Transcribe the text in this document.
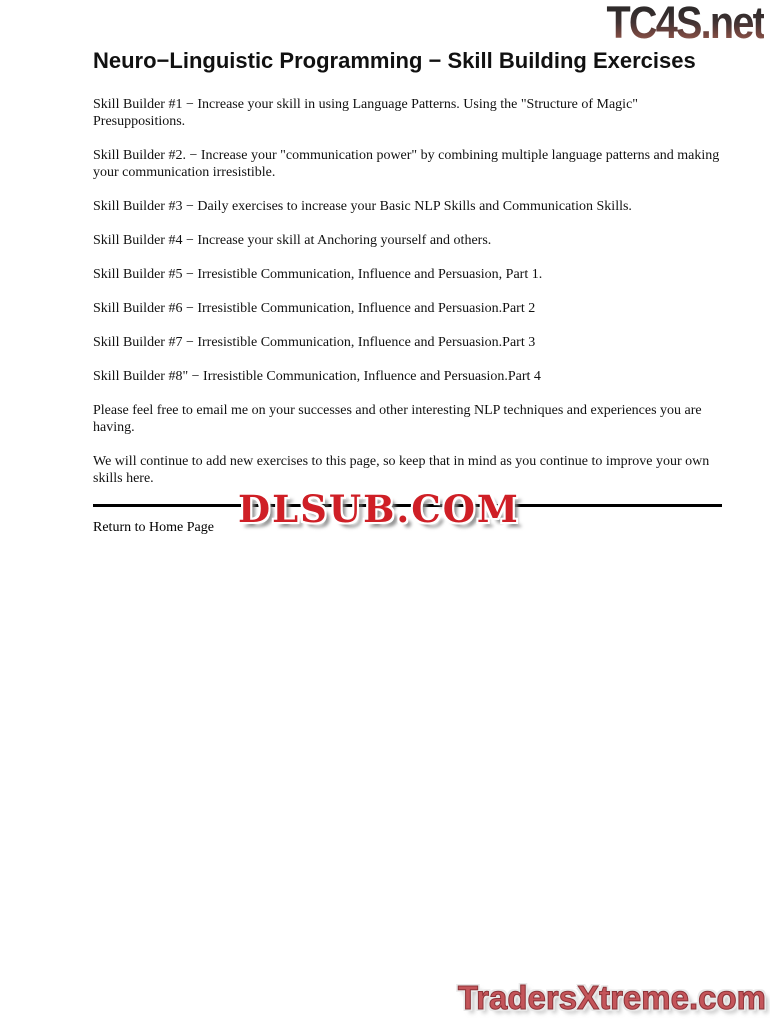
TC4S.net
Neuro−Linguistic Programming − Skill Building Exercises

Skill Builder #1 − Increase your skill in using Language Patterns. Using the "Structure of Magic" Presuppositions.

Skill Builder #2. − Increase your "communication power" by combining multiple language patterns and making your communication irresistible.

Skill Builder #3 − Daily exercises to increase your Basic NLP Skills and Communication Skills.

Skill Builder #4 − Increase your skill at Anchoring yourself and others.

Skill Builder #5 − Irresistible Communication, Influence and Persuasion, Part 1.

Skill Builder #6 − Irresistible Communication, Influence and Persuasion.Part 2

Skill Builder #7 − Irresistible Communication, Influence and Persuasion.Part 3

Skill Builder #8" − Irresistible Communication, Influence and Persuasion.Part 4

Please feel free to email me on your successes and other interesting NLP techniques and experiences you are having.

We will continue to add new exercises to this page, so keep that in mind as you continue to improve your own skills here.

Return to Home Page DLSUB.COM
TradersXtreme.com
